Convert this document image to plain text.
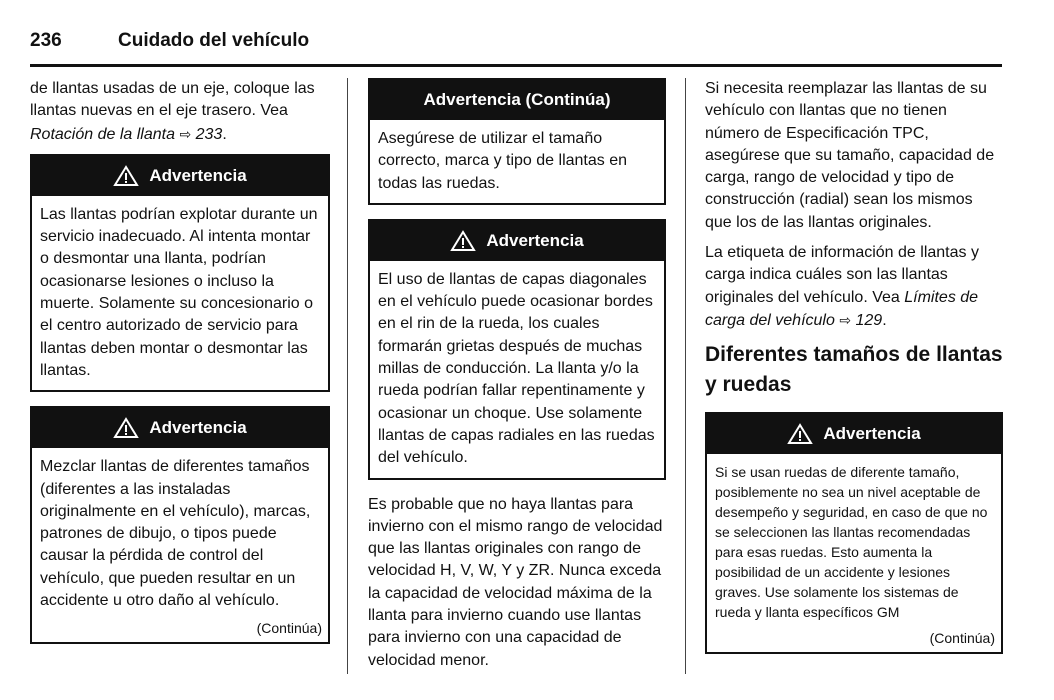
236	Cuidado del vehículo

de llantas usadas de un eje, coloque las llantas nuevas en el eje trasero. Vea Rotación de la llanta ⇨ 233.

Advertencia
Las llantas podrían explotar durante un servicio inadecuado. Al intenta montar o desmontar una llanta, podrían ocasionarse lesiones o incluso la muerte. Solamente su concesionario o el centro autorizado de servicio para llantas deben montar o desmontar las llantas.
Advertencia
Mezclar llantas de diferentes tamaños (diferentes a las instaladas originalmente en el vehículo), marcas, patrones de dibujo, o tipos puede causar la pérdida de control del vehículo, que pueden resultar en un accidente u otro daño al vehículo.
(Continúa)
Advertencia (Continúa)
Asegúrese de utilizar el tamaño correcto, marca y tipo de llantas en todas las ruedas.
Advertencia
El uso de llantas de capas diagonales en el vehículo puede ocasionar bordes en el rin de la rueda, los cuales formarán grietas después de muchas millas de conducción. La llanta y/o la rueda podrían fallar repentinamente y ocasionar un choque. Use solamente llantas de capas radiales en las ruedas del vehículo.

Es probable que no haya llantas para invierno con el mismo rango de velocidad que las llantas originales con rango de velocidad H, V, W, Y y ZR. Nunca exceda la capacidad de velocidad máxima de la llanta para invierno cuando use llantas para invierno con una capacidad de velocidad menor.

Si necesita reemplazar las llantas de su vehículo con llantas que no tienen número de Especificación TPC, asegúrese que su tamaño, capacidad de carga, rango de velocidad y tipo de construcción (radial) sean los mismos que los de las llantas originales.

La etiqueta de información de llantas y carga indica cuáles son las llantas originales del vehículo. Vea Límites de carga del vehículo ⇨ 129.

Diferentes tamaños de llantas y ruedas
Advertencia
Si se usan ruedas de diferente tamaño, posiblemente no sea un nivel aceptable de desempeño y seguridad, en caso de que no se seleccionen las llantas recomendadas para esas ruedas. Esto aumenta la posibilidad de un accidente y lesiones graves. Use solamente los sistemas de rueda y llanta específicos GM
(Continúa)
